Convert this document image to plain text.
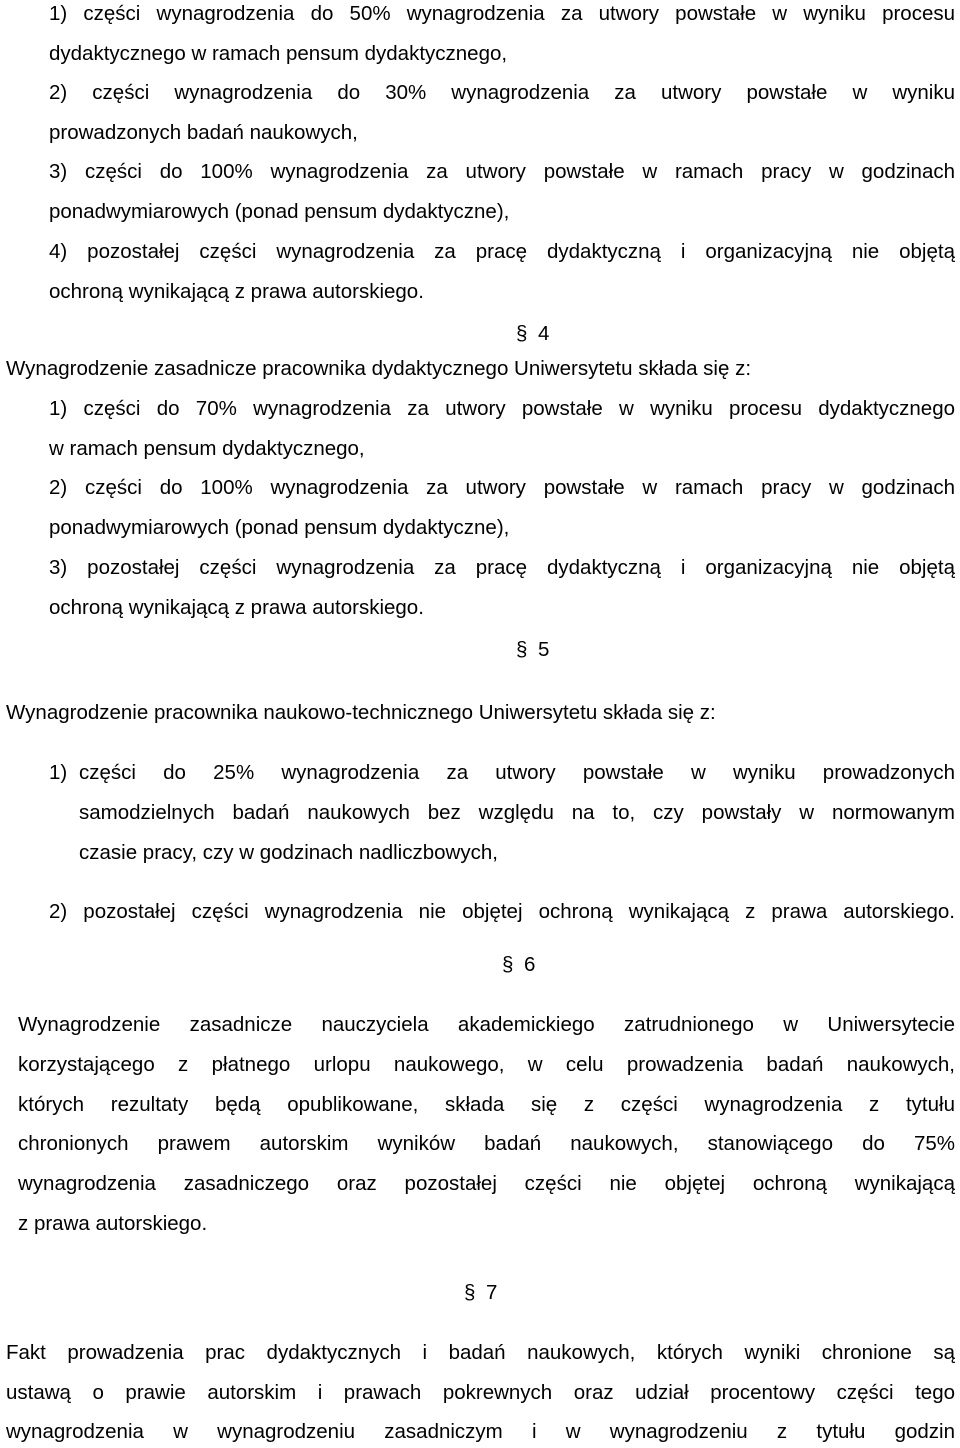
1) części wynagrodzenia do 50% wynagrodzenia za utwory powstałe w wyniku procesu
dydaktycznego w ramach pensum dydaktycznego,
2) części wynagrodzenia do 30% wynagrodzenia za utwory powstałe w wyniku
prowadzonych badań naukowych,
3) części do 100% wynagrodzenia za utwory powstałe w ramach pracy w godzinach
ponadwymiarowych (ponad pensum dydaktyczne),
4) pozostałej części wynagrodzenia za pracę dydaktyczną i organizacyjną nie objętą
ochroną wynikającą z prawa autorskiego.
§ 4
Wynagrodzenie zasadnicze pracownika dydaktycznego Uniwersytetu składa się z:
1) części do 70% wynagrodzenia za utwory powstałe w wyniku procesu dydaktycznego
w ramach pensum dydaktycznego,
2) części do 100% wynagrodzenia za utwory powstałe w ramach pracy w godzinach
ponadwymiarowych (ponad pensum dydaktyczne),
3) pozostałej części wynagrodzenia za pracę dydaktyczną i organizacyjną nie objętą
ochroną wynikającą z prawa autorskiego.
§ 5
Wynagrodzenie pracownika naukowo-technicznego Uniwersytetu składa się z:
1) części do 25% wynagrodzenia za utwory powstałe w wyniku prowadzonych
samodzielnych badań naukowych bez względu na to, czy powstały w normowanym
czasie pracy, czy w godzinach nadliczbowych,
2) pozostałej części wynagrodzenia nie objętej ochroną wynikającą z prawa autorskiego.
§ 6
Wynagrodzenie zasadnicze nauczyciela akademickiego zatrudnionego w Uniwersytecie
korzystającego z płatnego urlopu naukowego, w celu prowadzenia badań naukowych,
których rezultaty będą opublikowane, składa się z części wynagrodzenia z tytułu
chronionych prawem autorskim wyników badań naukowych, stanowiącego do 75%
wynagrodzenia zasadniczego oraz pozostałej części nie objętej ochroną wynikającą
z prawa autorskiego.
§ 7
Fakt prowadzenia prac dydaktycznych i badań naukowych, których wyniki chronione są
ustawą o prawie autorskim i prawach pokrewnych oraz udział procentowy części tego
wynagrodzenia w wynagrodzeniu zasadniczym i w wynagrodzeniu z tytułu godzin
